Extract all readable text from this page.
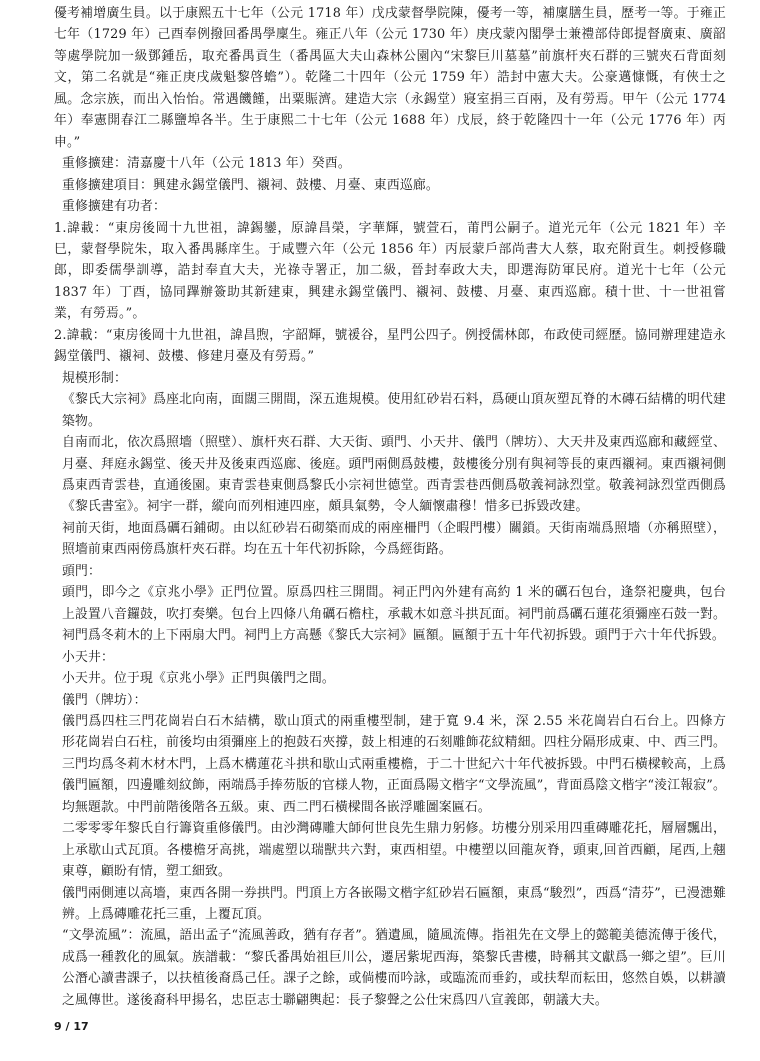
優考補增廣生員。以于康熙五十七年（公元 1718 年）戊戌蒙督學院陳，優考一等，補廩膳生員，歷考一等。于雍正七年（1729 年）己酉奉例撥回番禺學廩生。雍正八年（公元 1730 年）庚戌蒙內閣學士兼禮部侍郎提督廣東、廣韶等處學院加一級鄧鍾岳，取充番禺貢生（番禺區大夫山森林公園內“宋黎巨川墓墓”前旗杆夾石群的三號夾石背面刻文，第二名就是“雍正庚戌歲魁黎啓蟾”）。乾隆二十四年（公元 1759 年）誥封中憲大夫。公豪邁慷慨，有俠士之風。念宗族，而出入怡怡。常遇饑饉，出粟賑濟。建造大宗（永錫堂）寢室捐三百兩，及有勞焉。甲午（公元 1774 年）奉憲開春江二縣鹽埠各半。生于康熙二十七年（公元 1688 年）戊辰，終于乾隆四十一年（公元 1776 年）丙申。”

重修擴建：清嘉慶十八年（公元 1813 年）癸酉。

重修擴建項目：興建永錫堂儀門、襯祠、鼓樓、月臺、東西巡廊。

重修擴建有功者：

1.諱載：“東房後岡十九世祖，諱錫鑾，原諱昌榮，字華輝，號萱石，莆門公嗣子。道光元年（公元 1821 年）辛巳，蒙督學院朱，取入番禺縣庠生。于咸豐六年（公元 1856 年）丙辰蒙戶部尚書大人蔡，取充附貢生。刺授修職郎，即委儒學訓導，誥封奉直大夫，光祿寺署正，加二級，晉封奉政大夫，即選海防軍民府。道光十七年（公元 1837 年）丁酉，協同蹕辦簽助其新建東，興建永錫堂儀門、襯祠、鼓樓、月臺、東西巡廊。積十世、十一世祖嘗業，有勞焉。”。

2.諱載：“東房後岡十九世祖，諱昌煦，字韶輝，號禐谷，星門公四子。例授儒林郎，布政使司經歷。協同辦理建造永錫堂儀門、襯祠、鼓樓、修建月臺及有勞焉。”

規模形制：

《黎氏大宗祠》爲座北向南，面闊三開間，深五進規模。使用紅砂岩石料，爲硬山頂灰塑瓦脊的木磚石結構的明代建築物。

自南而北，依次爲照墻（照壁）、旗杆夾石群、大天街、頭門、小天井、儀門（牌坊）、大天井及東西巡廊和藏經堂、月臺、拜庭永錫堂、後天井及後東西巡廊、後庭。頭門兩側爲鼓樓，鼓樓後分別有與祠等長的東西襯祠。東西襯祠側爲東西青雲巷，直通後園。東青雲巷東側爲黎氏小宗祠世德堂。西青雲巷西側爲敬義祠詠烈堂。敬義祠詠烈堂西側爲《黎氏書室》。祠宇一群，縱向而列相連四座，頗具氣勢，令人緬懷肅穆！惜多已拆毀改建。

祠前天街，地面爲礪石鋪砌。由以紅砂岩石砌築而成的兩座柵門（企暇門樓）關鎖。天街南端爲照墻（亦稱照壁），照墻前東西兩傍爲旗杆夾石群。均在五十年代初拆除，今爲經街路。

頭門：

頭門，即今之《京兆小學》正門位置。原爲四柱三開間。祠正門內外建有高約 1 米的礪石包台，逢祭祀慶典，包台上設置八音鑼鼓，吹打奏樂。包台上四條八角礪石檐柱，承載木如意斗拱瓦面。祠門前爲礪石蓮花須彌座石鼓一對。祠門爲冬莉木的上下兩扇大門。祠門上方高懸《黎氏大宗祠》匾額。匾額于五十年代初拆毀。頭門于六十年代拆毀。

小天井：

小天井。位于現《京兆小學》正門與儀門之間。

儀門（牌坊）：

儀門爲四柱三門花崗岩白石木結構，歇山頂式的兩重樓型制，建于寬 9.4 米，深 2.55 米花崗岩白石台上。四條方形花崗岩白石柱，前後均由須彌座上的抱鼓石夾撐，鼓上相連的石刻雕飾花紋精細。四柱分隔形成東、中、西三門。三門均爲冬莉木材木門，上爲木構蓮花斗拱和歇山式兩重樓檐，于二十世紀六十年代被拆毀。中門石橫樑較高，上爲儀門匾額，四邊雕刻紋飾，兩端爲手捧芴版的官様人物，正面爲陽文楷字“文學流風”，背面爲陰文楷字“淩江報寂”。均無題款。中門前階後階各五級。東、西二門石橫樑間各嵌浮雕圖案匾石。

二零零零年黎氏自行籌資重修儀門。由沙灣磚雕大師何世良先生鼎力躬修。坊樓分別采用四重磚雕花托，層層飄出，上承歇山式瓦頂。各樓檐牙高挑，端處塑以瑞獸共六對，東西相望。中樓塑以回龍灰脊，頭東,回首西顧，尾西,上翹東尊，顧盼有情，塑工細致。

儀門兩側連以高墻，東西各開一券拱門。門頂上方各嵌陽文楷字紅砂岩石匾額，東爲“駿烈”，西爲“清芬”，已漫漶難辨。上爲磚雕花托三重，上覆瓦頂。

“文學流風”：流風，語出孟子“流風善政，猶有存者”。猶遺風，隨風流傳。指祖先在文學上的懿範美德流傳于後代，成爲一種教化的風氣。族譜載：“黎氏番禺始祖巨川公，遷居紫坭西海，築黎氏書樓，時稱其文獻爲一鄉之望”。巨川公潛心讀書課子，以扶植後裔爲己任。課子之餘，或倘樓而吟詠，或臨流而垂釣，或扶犁而耘田，悠然自娛，以耕讀之風傳世。遂後裔科甲揚名，忠臣志士聯翩輿起：長子黎聲之公仕宋爲四八宣義郎，朝議大夫。

9 / 17
